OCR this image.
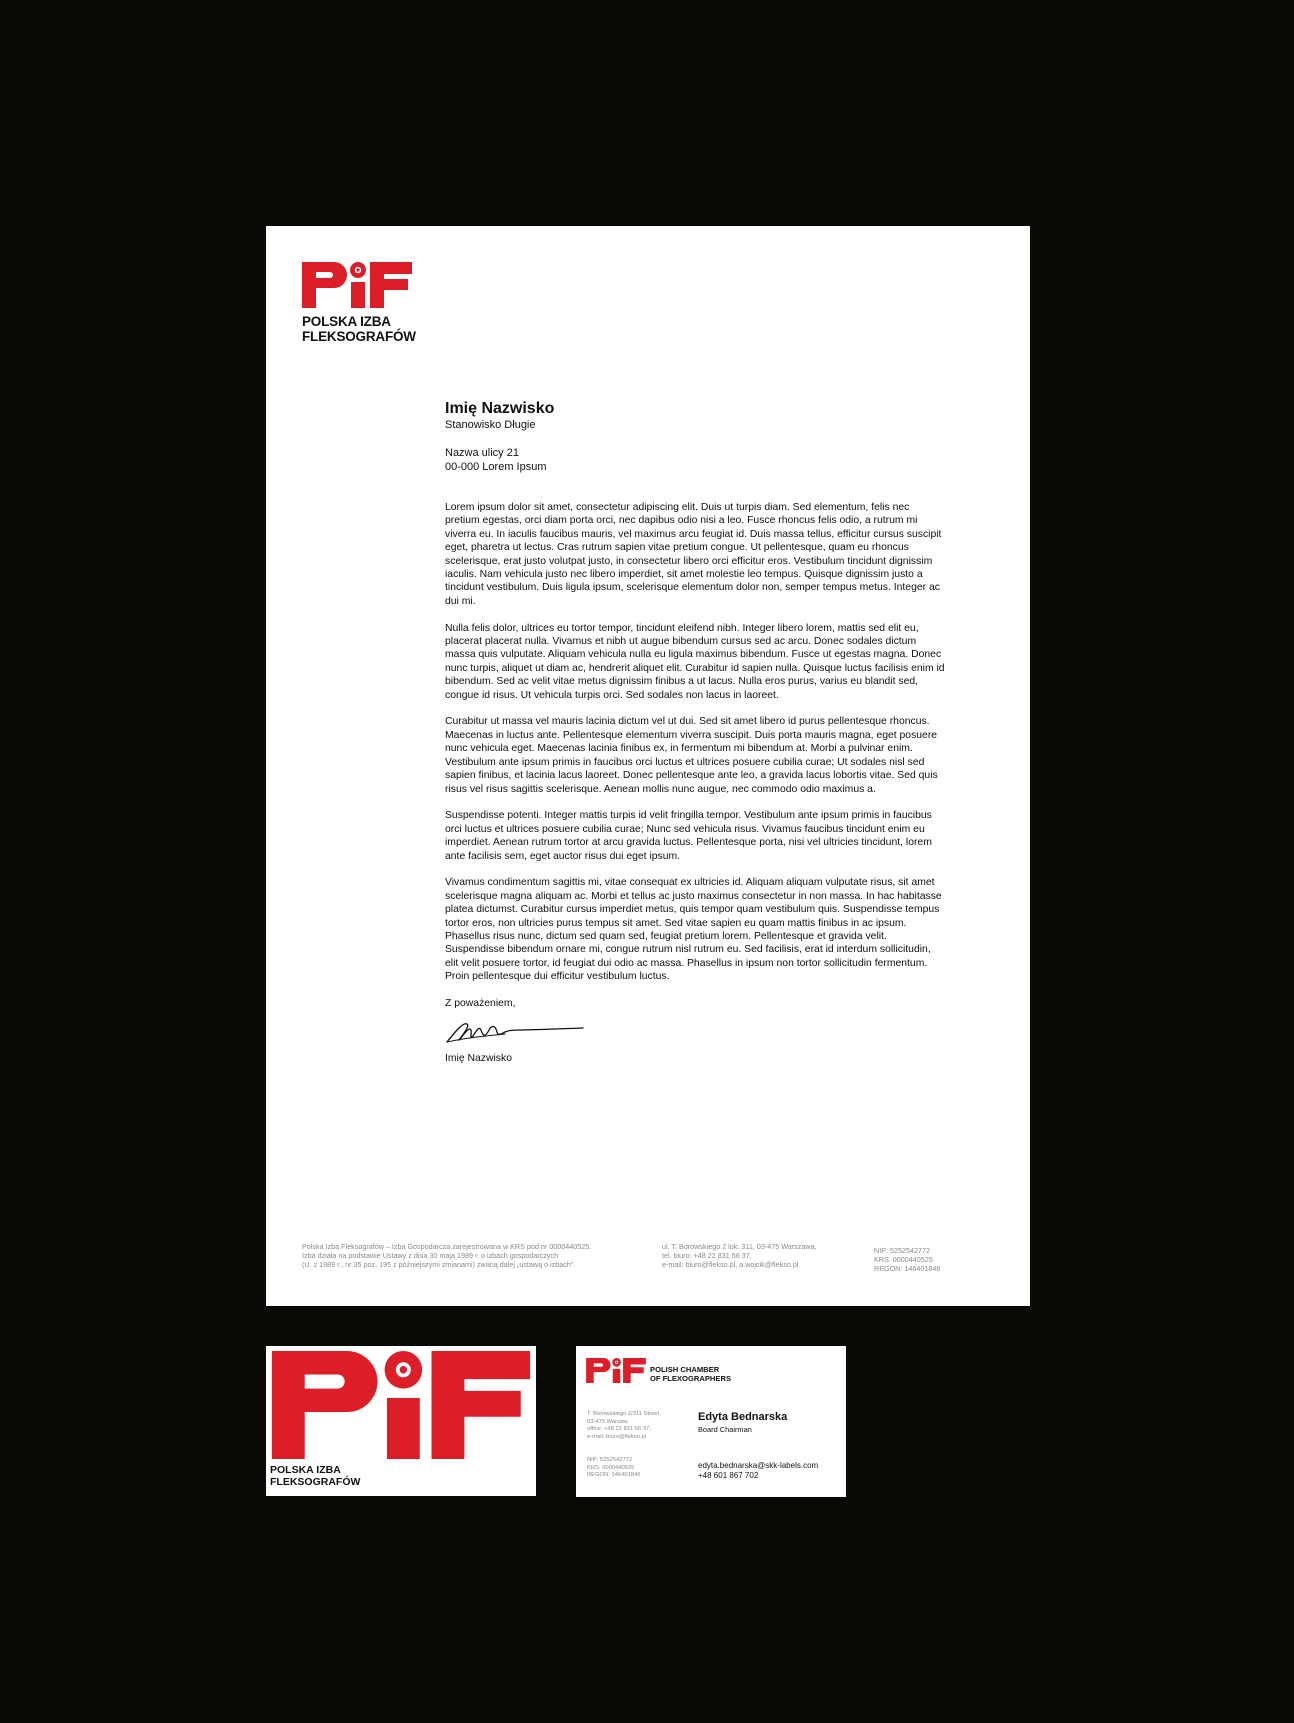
POLSKA IZBA
FLEKSOGRAFÓW
Imię Nazwisko
Stanowisko Długie
Nazwa ulicy 21
00-000 Lorem Ipsum

Lorem ipsum dolor sit amet, consectetur adipiscing elit. Duis ut turpis diam. Sed elementum, felis nec pretium egestas, orci diam porta orci, nec dapibus odio nisi a leo. Fusce rhoncus felis odio, a rutrum mi viverra eu. In iaculis faucibus mauris, vel maximus arcu feugiat id. Duis massa tellus, efficitur cursus suscipit eget, pharetra ut lectus. Cras rutrum sapien vitae pretium congue. Ut pellentesque, quam eu rhoncus scelerisque, erat justo volutpat justo, in consectetur libero orci efficitur eros. Vestibulum tincidunt dignissim iaculis. Nam vehicula justo nec libero imperdiet, sit amet molestie leo tempus. Quisque dignissim justo a tincidunt vestibulum. Duis ligula ipsum, scelerisque elementum dolor non, semper tempus metus. Integer ac dui mi.

Nulla felis dolor, ultrices eu tortor tempor, tincidunt eleifend nibh. Integer libero lorem, mattis sed elit eu, placerat placerat nulla. Vivamus et nibh ut augue bibendum cursus sed ac arcu. Donec sodales dictum massa quis vulputate. Aliquam vehicula nulla eu ligula maximus bibendum. Fusce ut egestas magna. Donec nunc turpis, aliquet ut diam ac, hendrerit aliquet elit. Curabitur id sapien nulla. Quisque luctus facilisis enim id bibendum. Sed ac velit vitae metus dignissim finibus a ut lacus. Nulla eros purus, varius eu blandit sed, congue id risus. Ut vehicula turpis orci. Sed sodales non lacus in laoreet.

Curabitur ut massa vel mauris lacinia dictum vel ut dui. Sed sit amet libero id purus pellentesque rhoncus. Maecenas in luctus ante. Pellentesque elementum viverra suscipit. Duis porta mauris magna, eget posuere nunc vehicula eget. Maecenas lacinia finibus ex, in fermentum mi bibendum at. Morbi a pulvinar enim. Vestibulum ante ipsum primis in faucibus orci luctus et ultrices posuere cubilia curae; Ut sodales nisl sed sapien finibus, et lacinia lacus laoreet. Donec pellentesque ante leo, a gravida lacus lobortis vitae. Sed quis risus vel risus sagittis scelerisque. Aenean mollis nunc augue, nec commodo odio maximus a.

Suspendisse potenti. Integer mattis turpis id velit fringilla tempor. Vestibulum ante ipsum primis in faucibus orci luctus et ultrices posuere cubilia curae; Nunc sed vehicula risus. Vivamus faucibus tincidunt enim eu imperdiet. Aenean rutrum tortor at arcu gravida luctus. Pellentesque porta, nisi vel ultricies tincidunt, lorem ante facilisis sem, eget auctor risus dui eget ipsum.

Vivamus condimentum sagittis mi, vitae consequat ex ultricies id. Aliquam aliquam vulputate risus, sit amet scelerisque magna aliquam ac. Morbi et tellus ac justo maximus consectetur in non massa. In hac habitasse platea dictumst. Curabitur cursus imperdiet metus, quis tempor quam vestibulum quis. Suspendisse tempus tortor eros, non ultricies purus tempus sit amet. Sed vitae sapien eu quam mattis finibus in ac ipsum. Phasellus risus nunc, dictum sed quam sed, feugiat pretium lorem. Pellentesque et gravida velit. Suspendisse bibendum ornare mi, congue rutrum nisl rutrum eu. Sed facilisis, erat id interdum sollicitudin, elit velit posuere tortor, id feugiat dui odio ac massa. Phasellus in ipsum non tortor sollicitudin fermentum. Proin pellentesque dui efficitur vestibulum luctus.

Z poważeniem,
Imię Nazwisko
Polska Izba Fleksografów – Izba Gospodarcza zarejestrowana w KRS pod nr 0000440525.
Izba działa na podstawie Ustawy z dnia 30 maja 1989 r. o izbach gospodarczych
(U. z 1989 r., nr 35 poz. 195 z późniejszymi zmianami) zwaną dalej „ustawą o izbach”.
ul. T. Borowskiego 2 lok. 311, 03-475 Warszawa,
tel. biuro: +48 22 831 56 37,
e-mail: biuro@flekso.pl, a.wojcik@flekso.pl
NIP: 5252542772
KRS: 0000440525
REGON: 146401846
POLSKA IZBA
FLEKSOGRAFÓW
POLISH CHAMBER
OF FLEXOGRAPHERS
T. Borowskiego 2/311 Street,
03-475 Warsaw,
office: +48 22 831 56 37,
e-mail: biuro@flekso.pl
NIP: 5252542772
KRS: 0000440525
REGON: 146401846
Edyta Bednarska
Board Chairman
edyta.bednarska@skk-labels.com
+48 601 867 702
